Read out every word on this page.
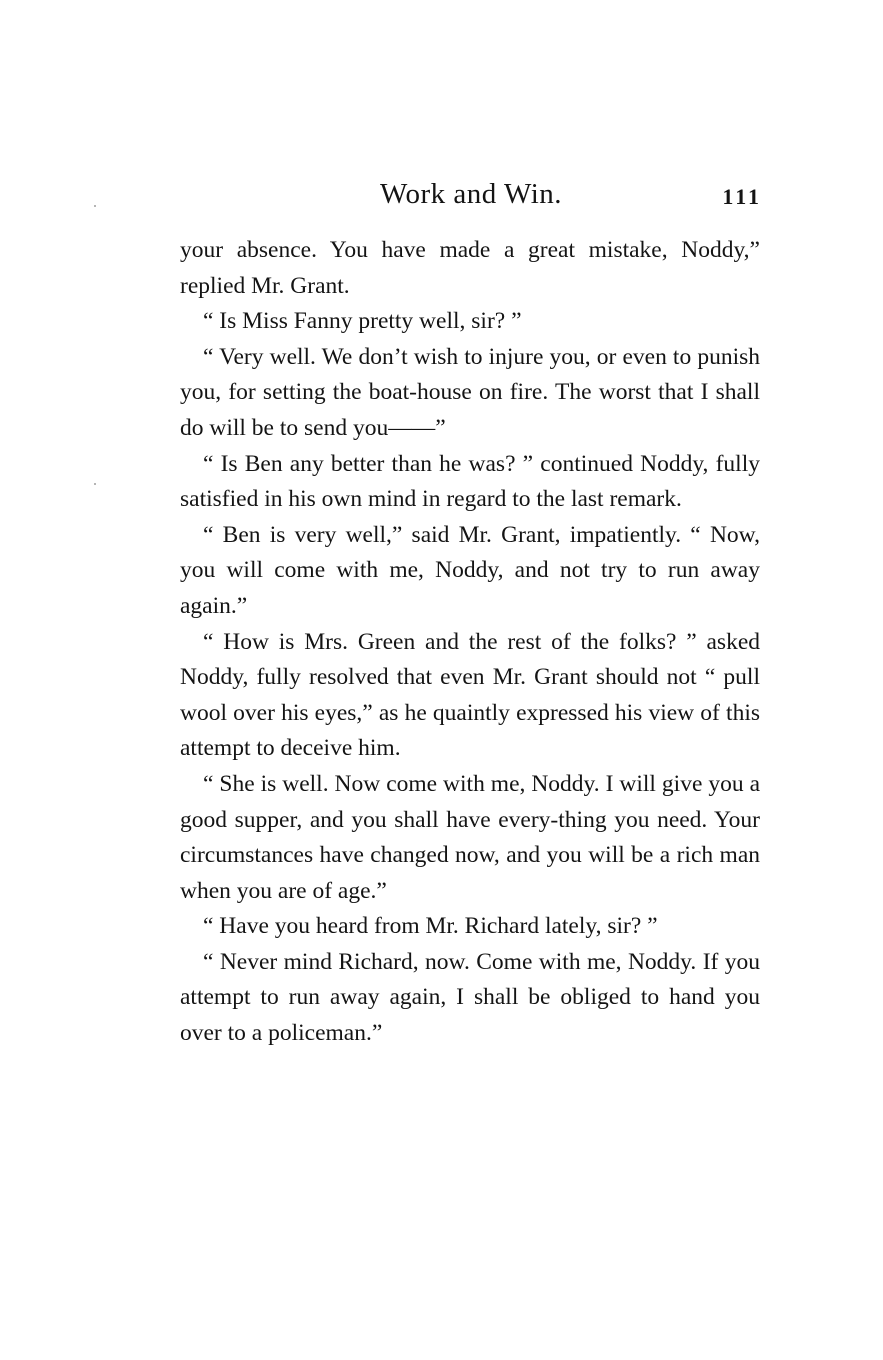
Work and Win.	111

your absence. You have made a great mistake, Noddy,” replied Mr. Grant.

“ Is Miss Fanny pretty well, sir? ”

“ Very well. We don’t wish to injure you, or even to punish you, for setting the boat-house on fire. The worst that I shall do will be to send you——”

“ Is Ben any better than he was? ” continued Noddy, fully satisfied in his own mind in regard to the last remark.

“ Ben is very well,” said Mr. Grant, impatiently. “ Now, you will come with me, Noddy, and not try to run away again.”

“ How is Mrs. Green and the rest of the folks? ” asked Noddy, fully resolved that even Mr. Grant should not “ pull wool over his eyes,” as he quaintly expressed his view of this attempt to deceive him.

“ She is well. Now come with me, Noddy. I will give you a good supper, and you shall have every-thing you need. Your circumstances have changed now, and you will be a rich man when you are of age.”

“ Have you heard from Mr. Richard lately, sir? ”

“ Never mind Richard, now. Come with me, Noddy. If you attempt to run away again, I shall be obliged to hand you over to a policeman.”
